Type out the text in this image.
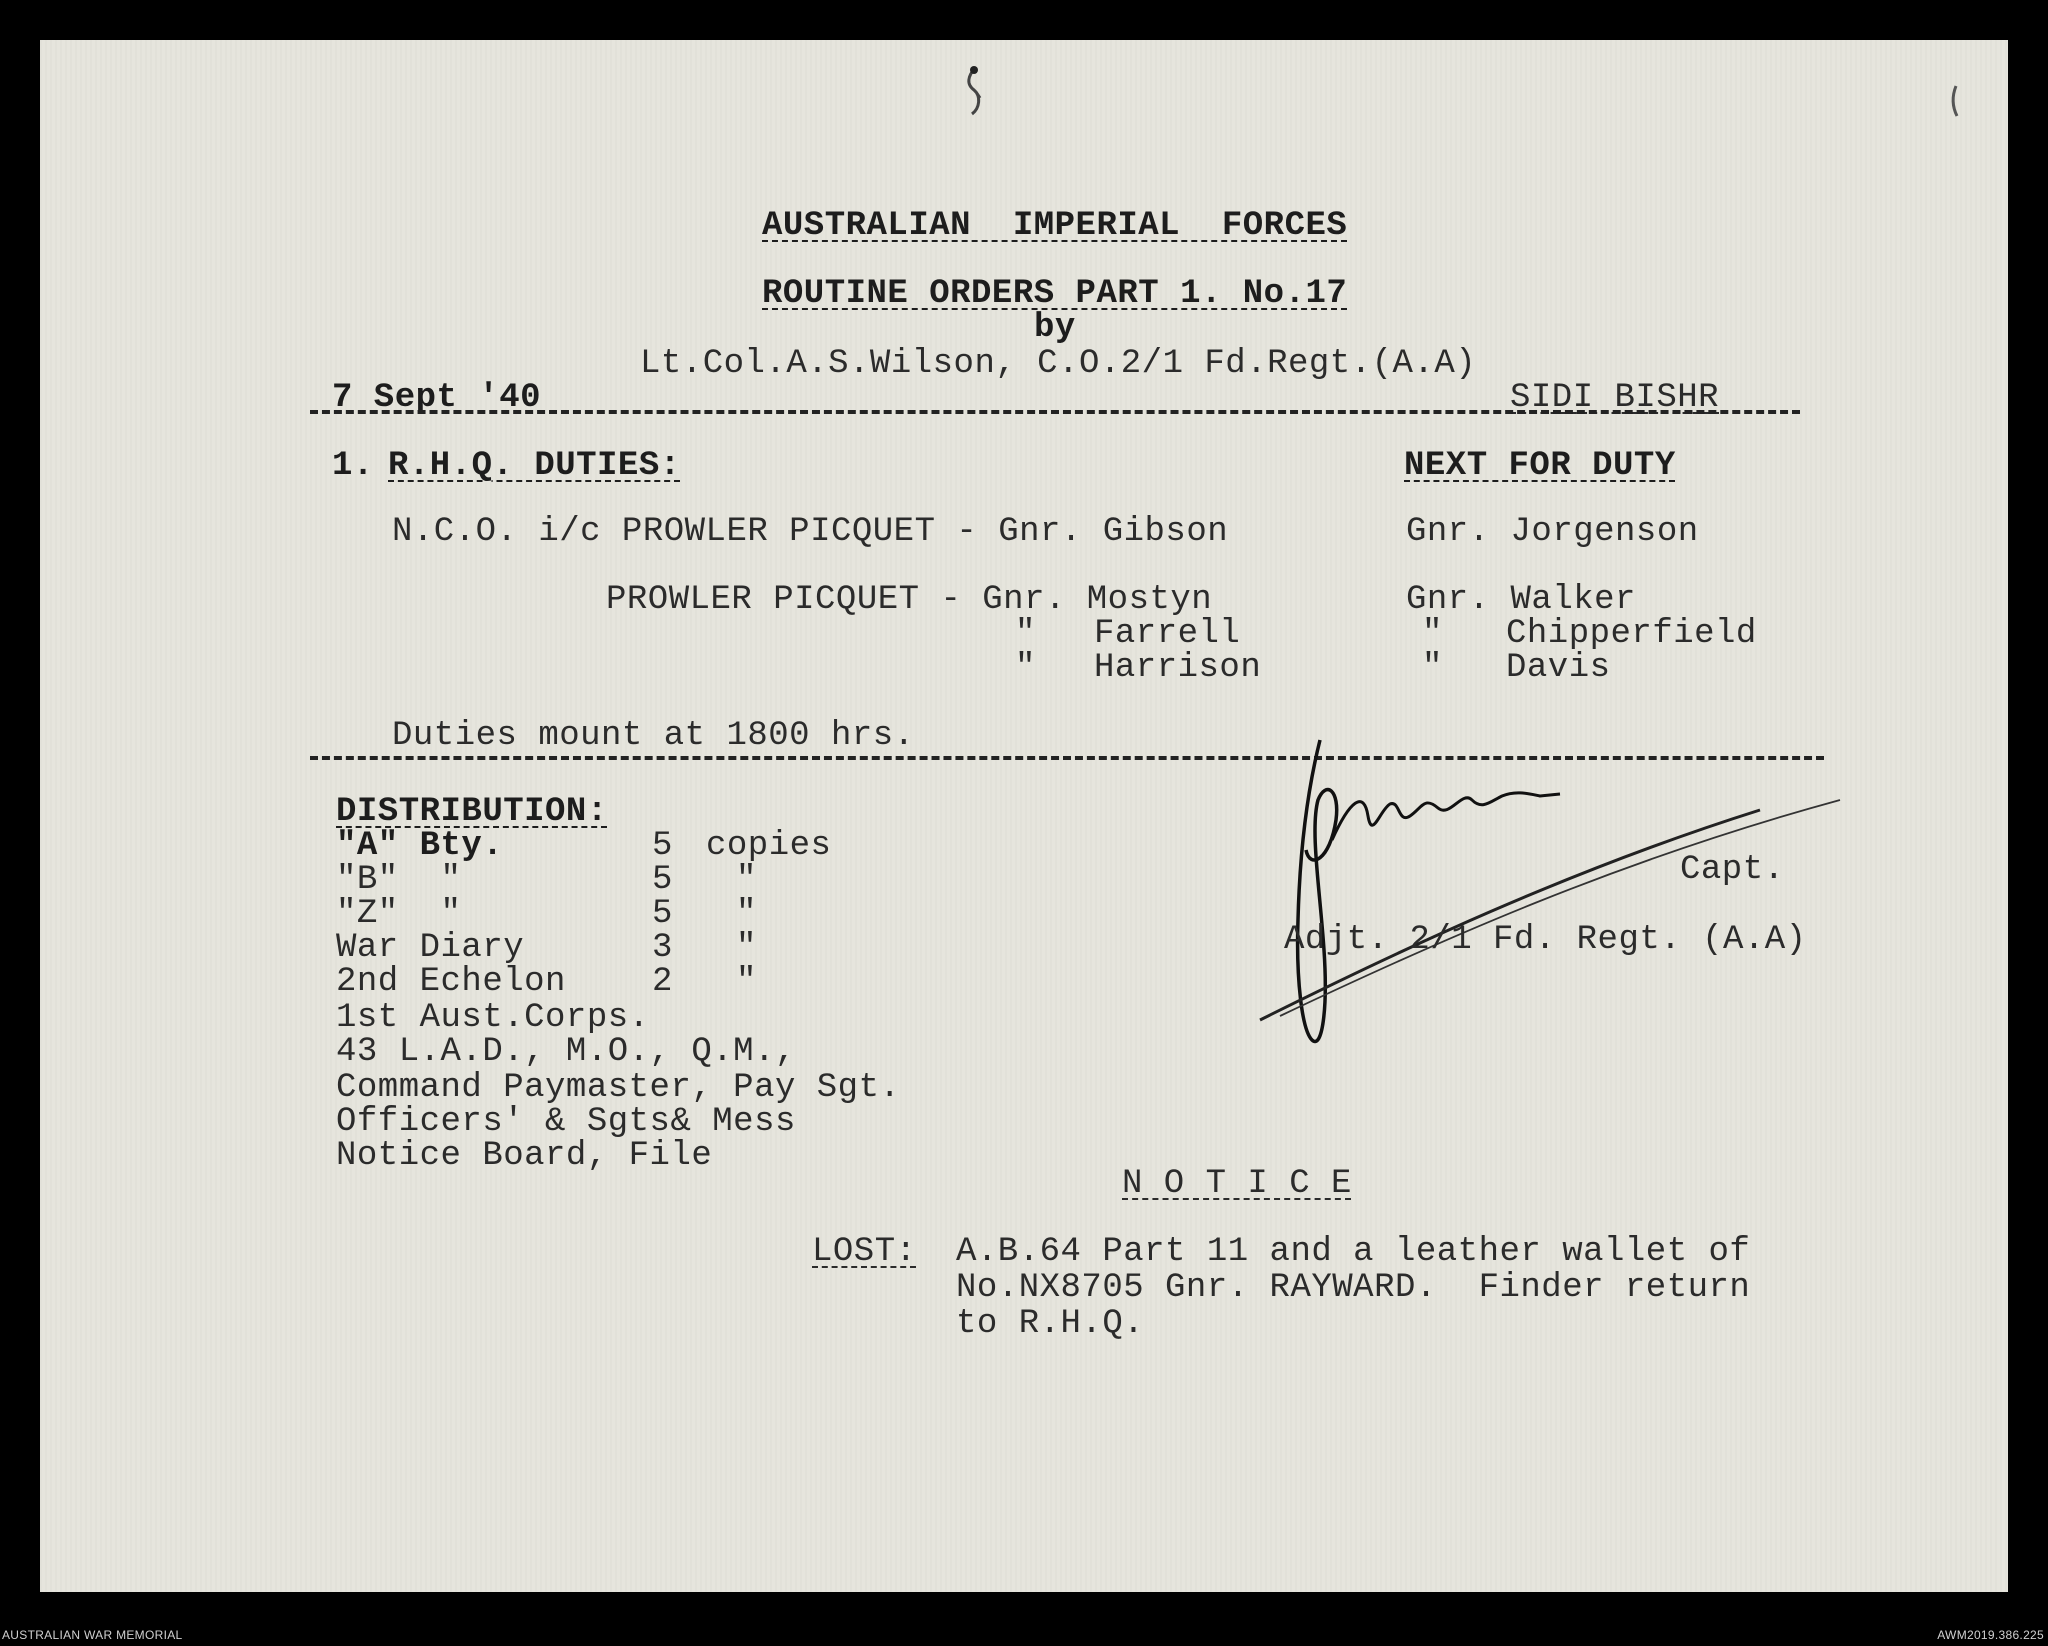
AUSTRALIAN  IMPERIAL  FORCES
ROUTINE ORDERS PART 1. No.17
by
Lt.Col.A.S.Wilson, C.O.2/1 Fd.Regt.(A.A)
7 Sept '40	SIDI BISHR
1. R.H.Q. DUTIES:	NEXT FOR DUTY
N.C.O. i/c PROWLER PICQUET - Gnr. Gibson	Gnr. Jorgenson
PROWLER PICQUET - Gnr. Mostyn	Gnr. Walker
" Farrell	" Chipperfield
" Harrison	" Davis
Duties mount at 1800 hrs.
DISTRIBUTION:
"A" Bty.	5 copies
"B"  "	5 "
"Z"  "	5 "
War Diary	3 "
2nd Echelon	2 "
1st Aust.Corps.
43 L.A.D., M.O., Q.M.,
Command Paymaster, Pay Sgt.
Officers' & Sgts& Mess
Notice Board, File
Capt.
Adjt. 2/1 Fd. Regt. (A.A)
N O T I C E
LOST: A.B.64 Part 11 and a leather wallet of
No.NX8705 Gnr. RAYWARD.  Finder return
to R.H.Q.
AUSTRALIAN WAR MEMORIAL	AWM2019.386.225
